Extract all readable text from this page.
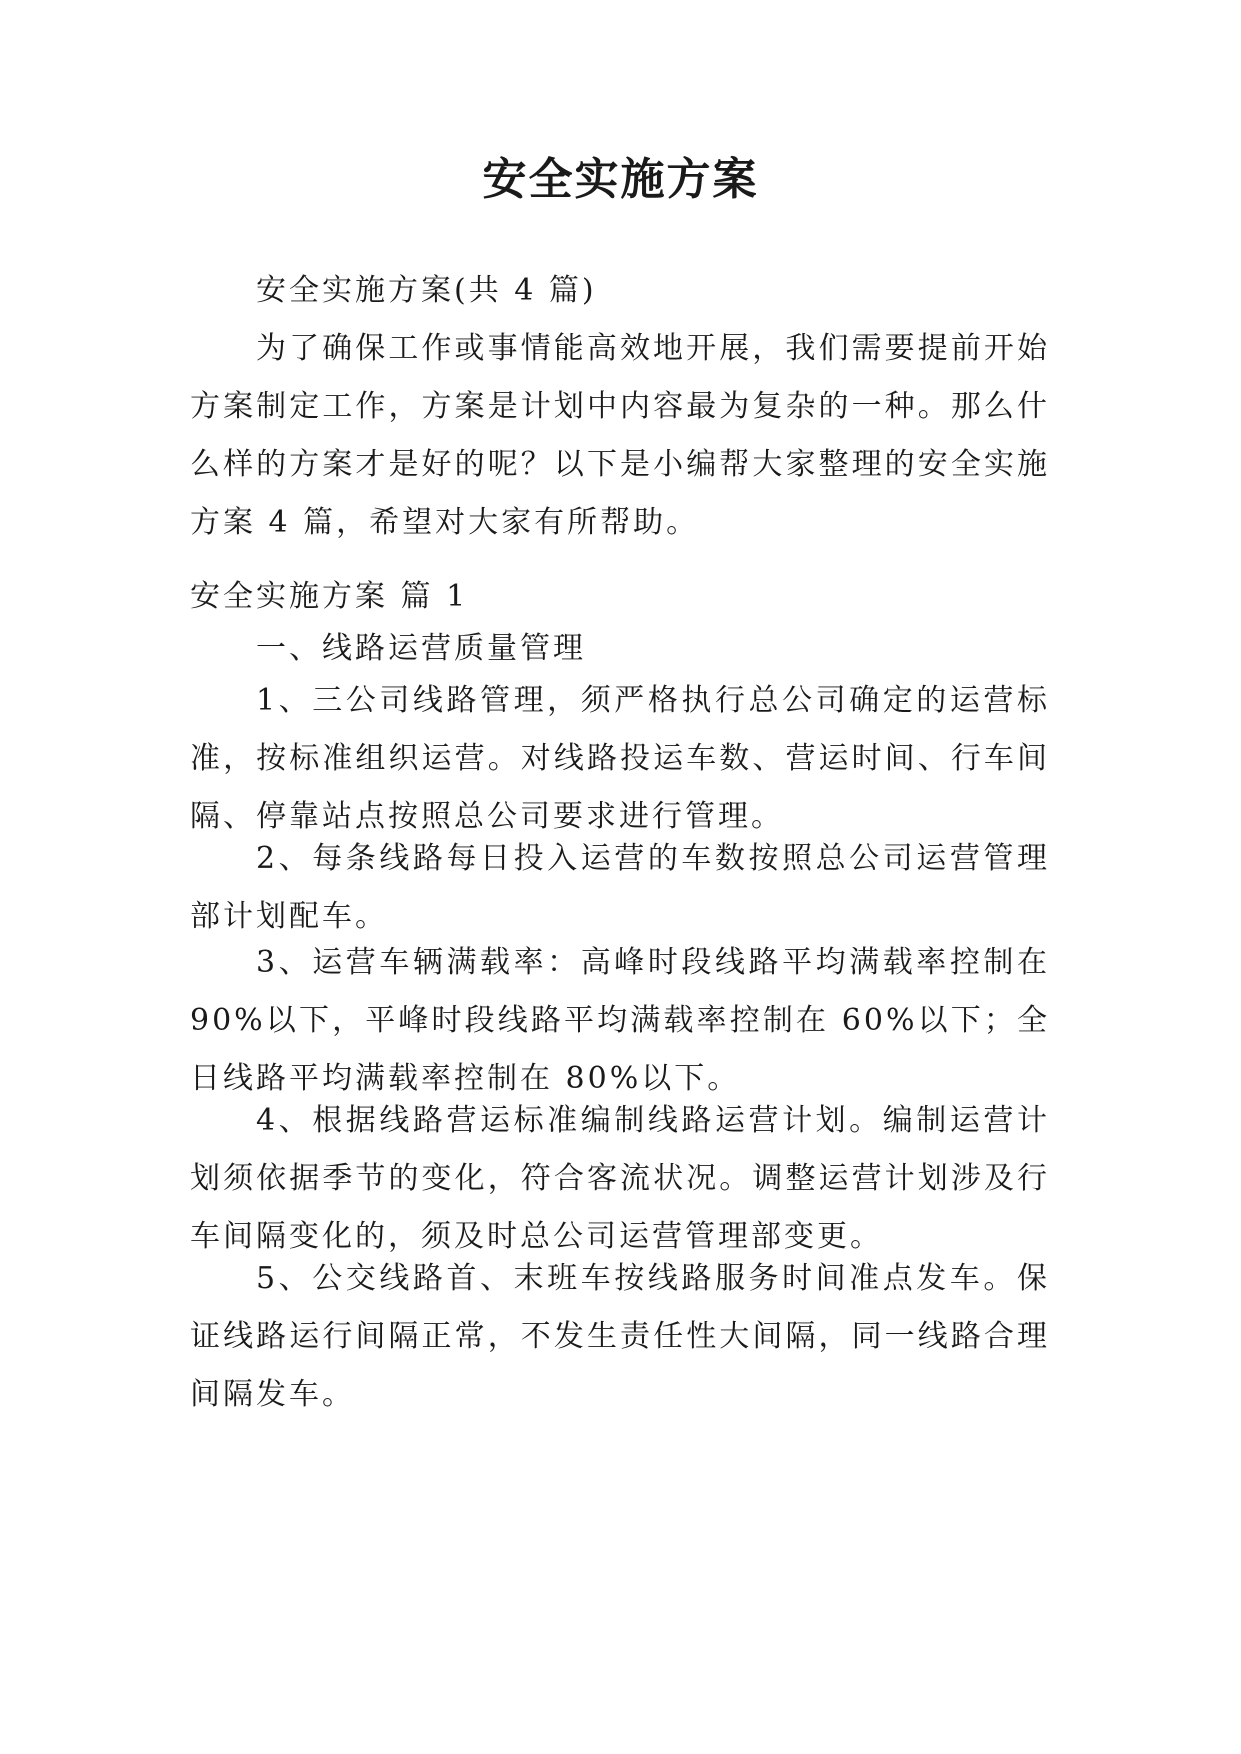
安全实施方案

安全实施方案(共 4 篇)

为了确保工作或事情能高效地开展，我们需要提前开始方案制定工作，方案是计划中内容最为复杂的一种。那么什么样的方案才是好的呢？以下是小编帮大家整理的安全实施方案 4 篇，希望对大家有所帮助。

安全实施方案 篇 1

一、线路运营质量管理

1、三公司线路管理，须严格执行总公司确定的运营标准，按标准组织运营。对线路投运车数、营运时间、行车间隔、停靠站点按照总公司要求进行管理。

2、每条线路每日投入运营的车数按照总公司运营管理部计划配车。

3、运营车辆满载率：高峰时段线路平均满载率控制在 90%以下，平峰时段线路平均满载率控制在 60%以下；全日线路平均满载率控制在 80%以下。

4、根据线路营运标准编制线路运营计划。编制运营计划须依据季节的变化，符合客流状况。调整运营计划涉及行车间隔变化的，须及时总公司运营管理部变更。

5、公交线路首、末班车按线路服务时间准点发车。保证线路运行间隔正常，不发生责任性大间隔，同一线路合理间隔发车。
